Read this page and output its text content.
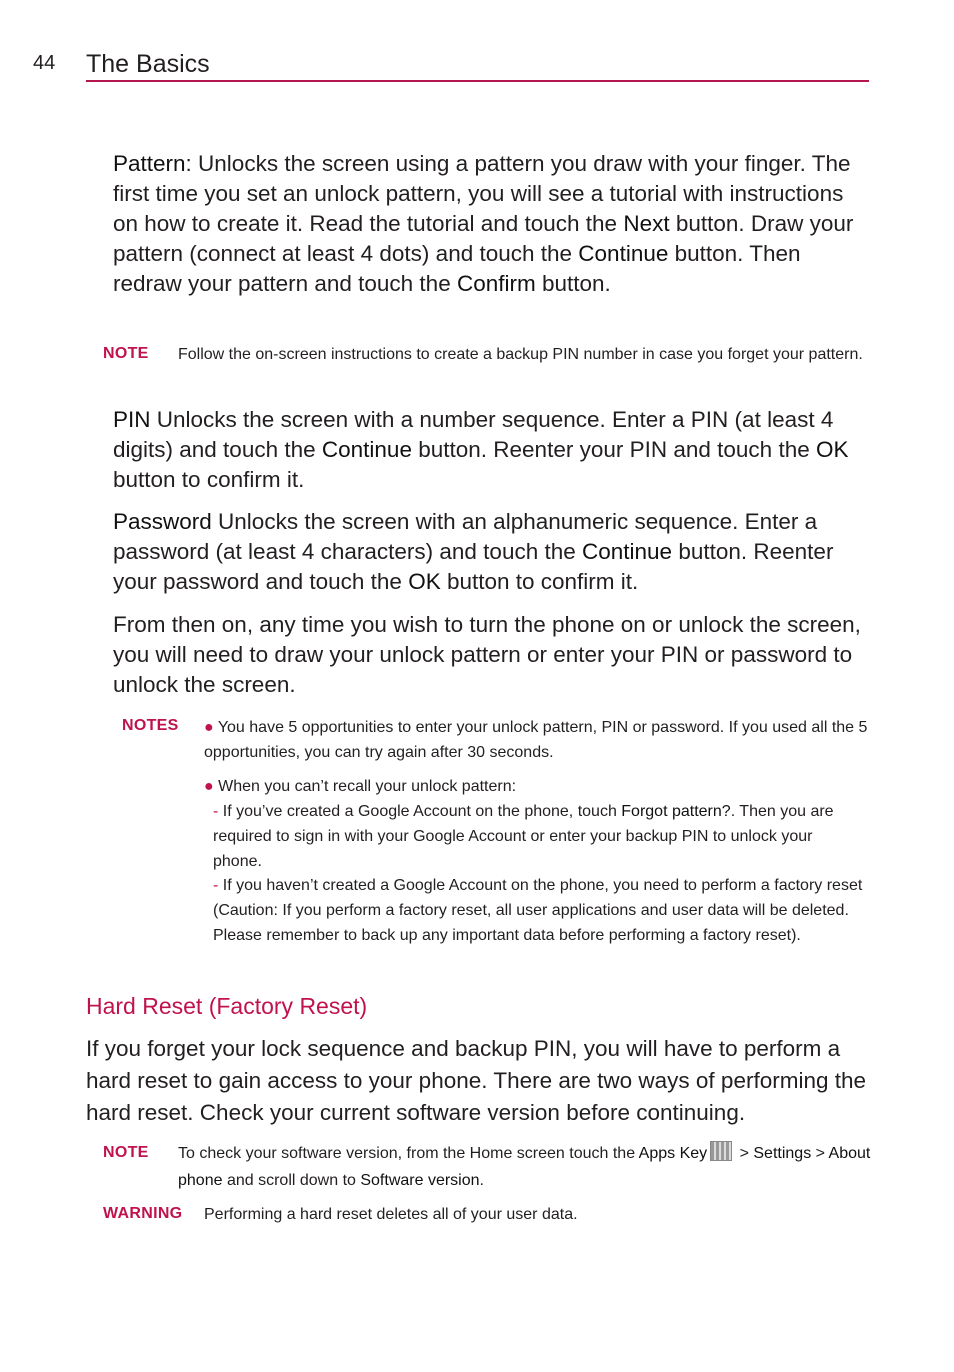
44 The Basics
Pattern: Unlocks the screen using a pattern you draw with your finger. The first time you set an unlock pattern, you will see a tutorial with instructions on how to create it. Read the tutorial and touch the Next button. Draw your pattern (connect at least 4 dots) and touch the Continue button. Then redraw your pattern and touch the Confirm button.
NOTE Follow the on-screen instructions to create a backup PIN number in case you forget your pattern.
PIN Unlocks the screen with a number sequence. Enter a PIN (at least 4 digits) and touch the Continue button. Reenter your PIN and touch the OK button to confirm it.
Password Unlocks the screen with an alphanumeric sequence. Enter a password (at least 4 characters) and touch the Continue button. Reenter your password and touch the OK button to confirm it.
From then on, any time you wish to turn the phone on or unlock the screen, you will need to draw your unlock pattern or enter your PIN or password to unlock the screen.
NOTES ● You have 5 opportunities to enter your unlock pattern, PIN or password. If you used all the 5 opportunities, you can try again after 30 seconds.
● When you can’t recall your unlock pattern:
- If you’ve created a Google Account on the phone, touch Forgot pattern?. Then you are required to sign in with your Google Account or enter your backup PIN to unlock your phone.
- If you haven’t created a Google Account on the phone, you need to perform a factory reset (Caution: If you perform a factory reset, all user applications and user data will be deleted. Please remember to back up any important data before performing a factory reset).
Hard Reset (Factory Reset)
If you forget your lock sequence and backup PIN, you will have to perform a hard reset to gain access to your phone. There are two ways of performing the hard reset. Check your current software version before continuing.
NOTE To check your software version, from the Home screen touch the Apps Key > Settings > About phone and scroll down to Software version.
WARNING Performing a hard reset deletes all of your user data.
